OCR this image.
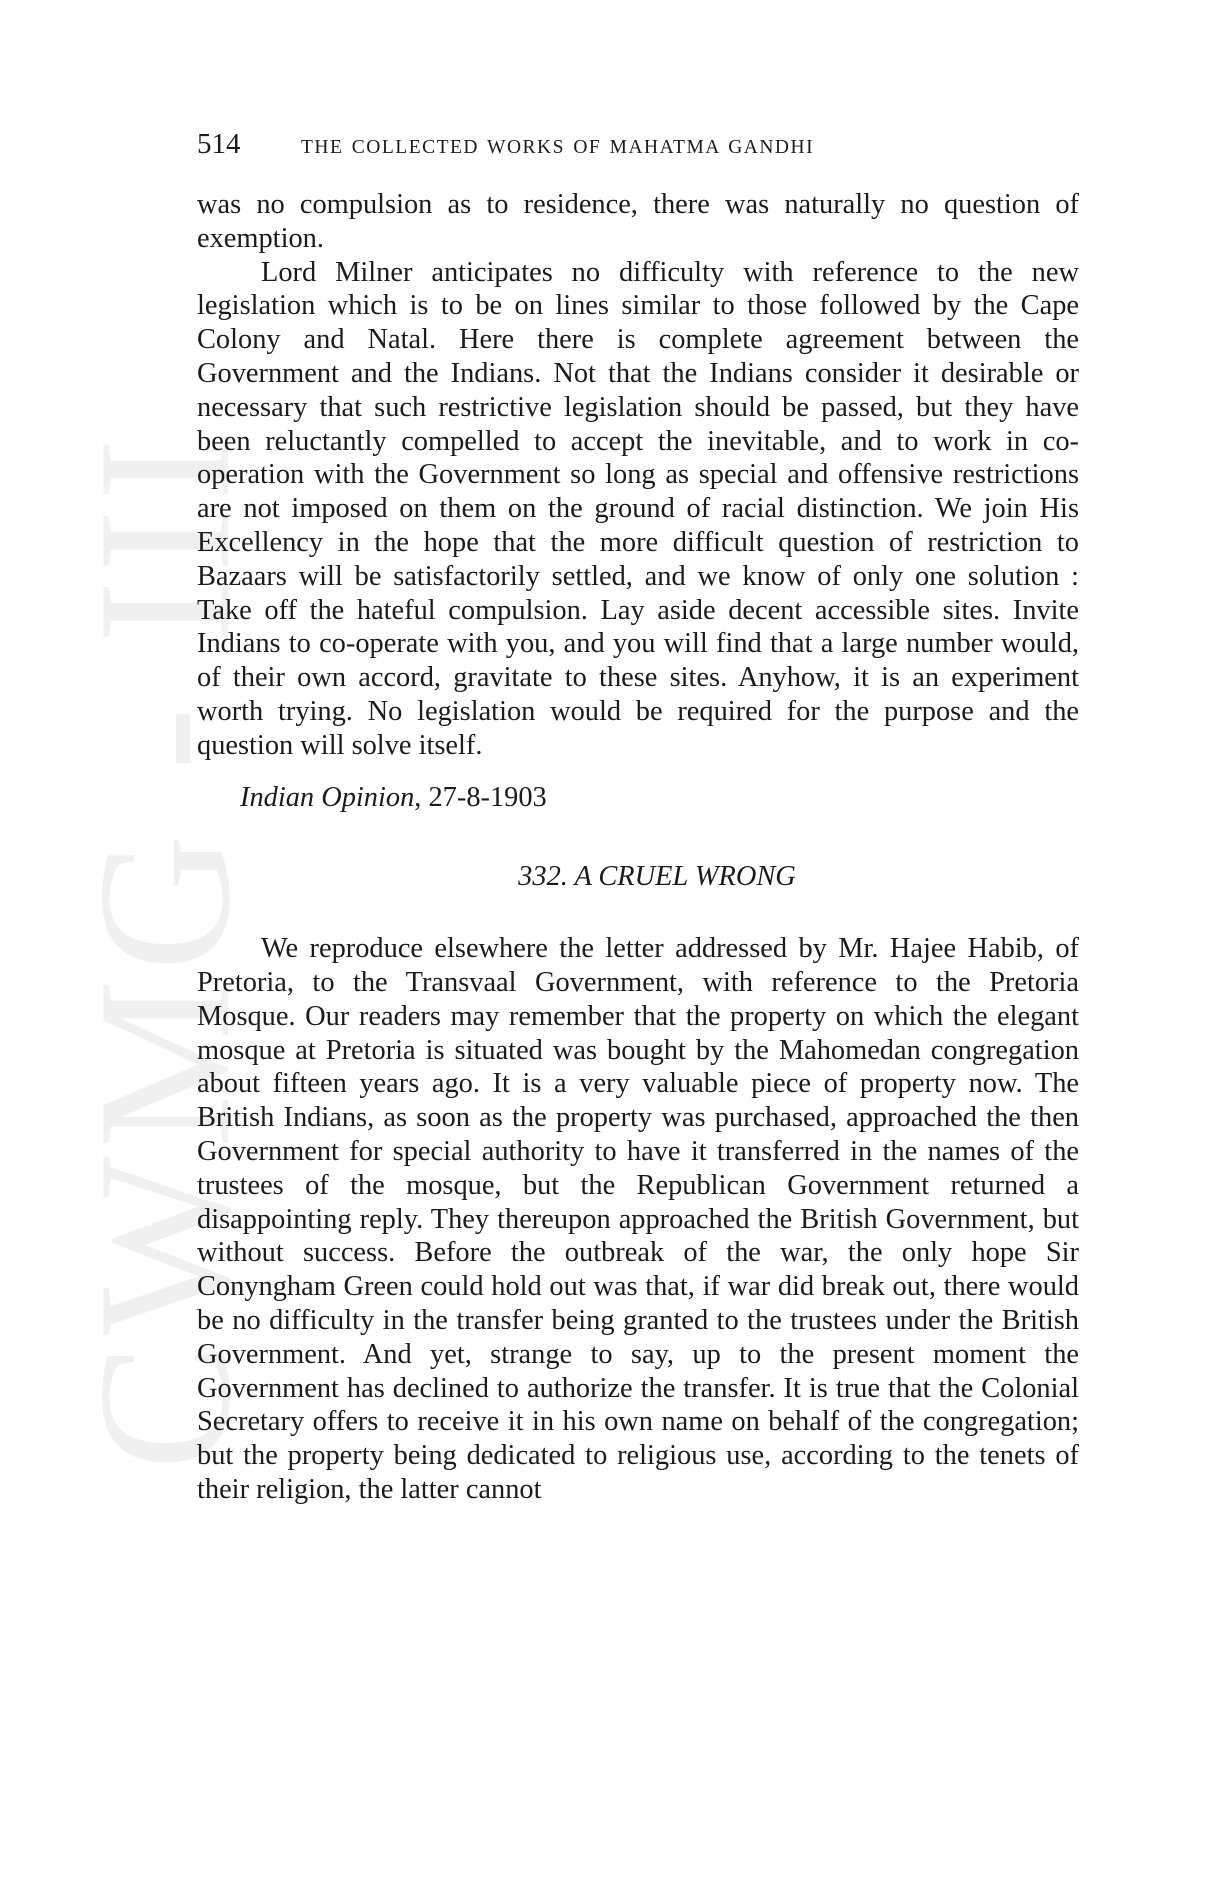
CWMG - III
514	THE COLLECTED WORKS OF MAHATMA GANDHI

was no compulsion as to residence, there was naturally no question of exemption.

Lord Milner anticipates no difficulty with reference to the new legislation which is to be on lines similar to those followed by the Cape Colony and Natal. Here there is complete agreement between the Government and the Indians. Not that the Indians consider it desirable or necessary that such restrictive legislation should be passed, but they have been reluctantly compelled to accept the inevitable, and to work in co-operation with the Government so long as special and offensive restrictions are not imposed on them on the ground of racial distinction. We join His Excellency in the hope that the more difficult question of restriction to Bazaars will be satisfactorily settled, and we know of only one solution : Take off the hateful compulsion. Lay aside decent accessible sites. Invite Indians to co-operate with you, and you will find that a large number would, of their own accord, gravitate to these sites. Anyhow, it is an experiment worth trying. No legislation would be required for the purpose and the question will solve itself.

Indian Opinion, 27-8-1903

332. A CRUEL WRONG

We reproduce elsewhere the letter addressed by Mr. Hajee Habib, of Pretoria, to the Transvaal Government, with reference to the Pretoria Mosque. Our readers may remember that the property on which the elegant mosque at Pretoria is situated was bought by the Mahomedan congregation about fifteen years ago. It is a very valuable piece of property now. The British Indians, as soon as the property was purchased, approached the then Government for special authority to have it transferred in the names of the trustees of the mosque, but the Republican Government returned a disappointing reply. They thereupon approached the British Government, but without success. Before the outbreak of the war, the only hope Sir Conyngham Green could hold out was that, if war did break out, there would be no difficulty in the transfer being granted to the trustees under the British Government. And yet, strange to say, up to the present moment the Government has declined to authorize the transfer. It is true that the Colonial Secretary offers to receive it in his own name on behalf of the congregation; but the property being dedicated to religious use, according to the tenets of their religion, the latter cannot
